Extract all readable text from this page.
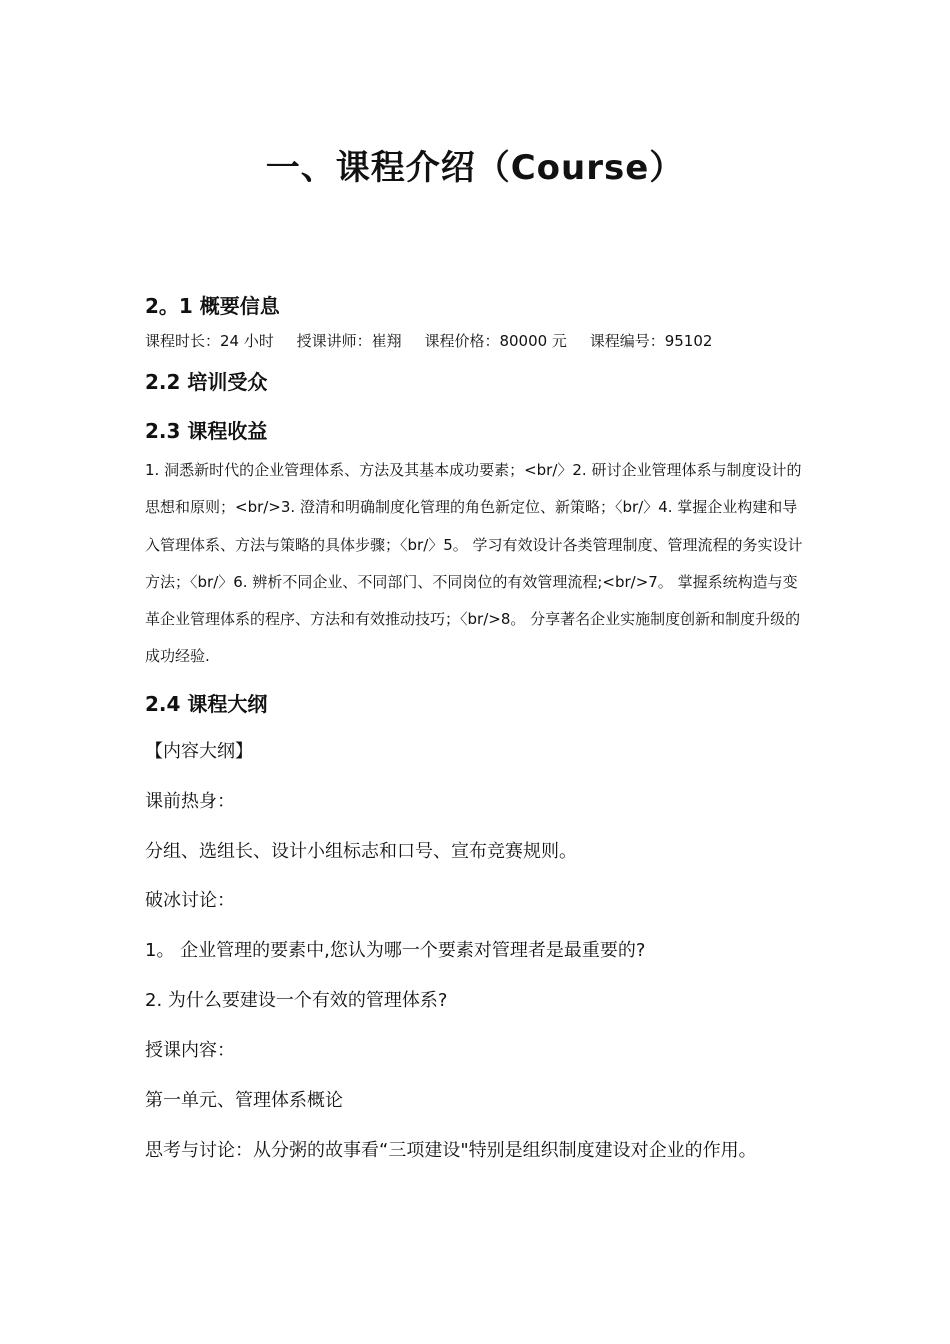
一、课程介绍（Course）
2。1 概要信息
课程时长：24 小时 授课讲师：崔翔 课程价格：80000 元 课程编号：95102
2.2 培训受众
2.3 课程收益

1. 洞悉新时代的企业管理体系、方法及其基本成功要素；<br/〉2. 研讨企业管理体系与制度设计的思想和原则；<br/>3. 澄清和明确制度化管理的角色新定位、新策略；〈br/〉4. 掌握企业构建和导入管理体系、方法与策略的具体步骤；〈br/〉5。 学习有效设计各类管理制度、管理流程的务实设计方法；〈br/〉6. 辨析不同企业、不同部门、不同岗位的有效管理流程;<br/>7。 掌握系统构造与变革企业管理体系的程序、方法和有效推动技巧；〈br/>8。 分享著名企业实施制度创新和制度升级的成功经验.

2.4 课程大纲

【内容大纲】

课前热身：

分组、选组长、设计小组标志和口号、宣布竞赛规则。

破冰讨论：

1。 企业管理的要素中,您认为哪一个要素对管理者是最重要的?

2. 为什么要建设一个有效的管理体系?

授课内容：

第一单元、管理体系概论

思考与讨论：从分粥的故事看“三项建设"特别是组织制度建设对企业的作用。
